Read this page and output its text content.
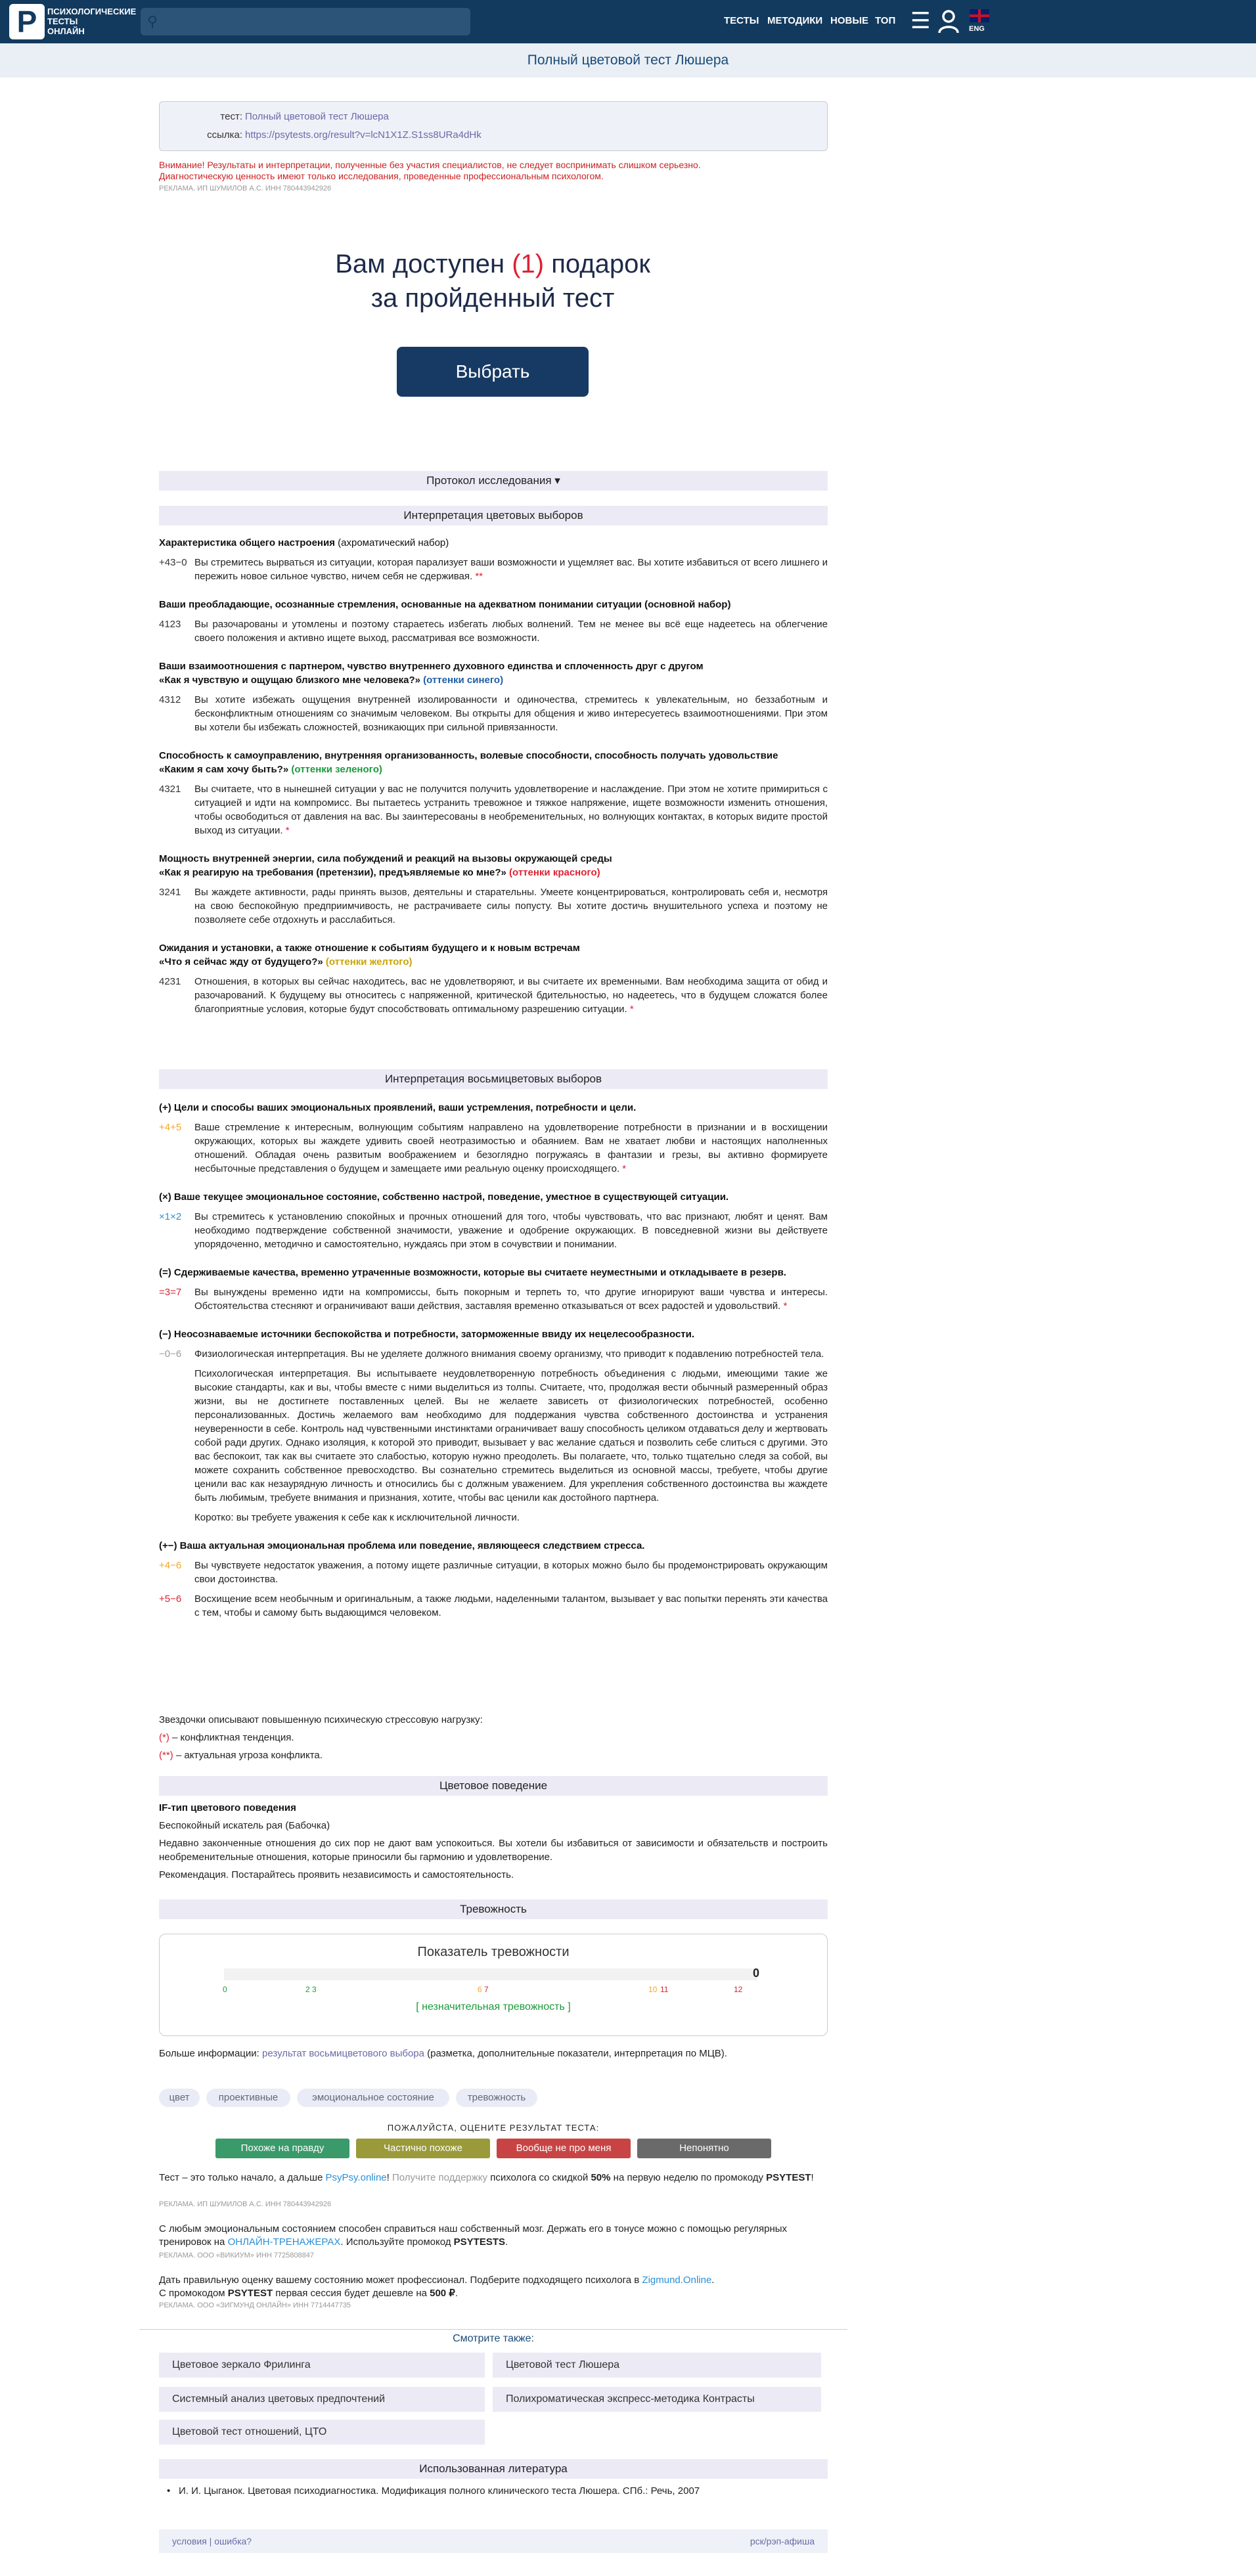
P	ПСИХОЛОГИЧЕСКИЕ
ТЕСТЫ
ОНЛАЙН
⚲	ТЕСТЫ МЕТОДИКИ НОВЫЕ ТОП ☰	ENG
Полный цветовой тест Люшера
тест: Полный цветовой тест Люшера
ссылка: https://psytests.org/result?v=lcN1X1Z.S1ss8URa4dHk
Внимание! Результаты и интерпретации, полученные без участия специалистов, не следует воспринимать слишком серьезно.
Диагностическую ценность имеют только исследования, проведенные профессиональным психологом.
РЕКЛАМА. ИП ШУМИЛОВ А.С. ИНН 780443942926
Вам доступен (1) подарок
за пройденный тест
Выбрать
Протокол исследования ▾
Интерпретация цветовых выборов
Характеристика общего настроения (ахроматический набор)
+43−0 Вы стремитесь вырваться из ситуации, которая парализует ваши возможности и ущемляет вас. Вы хотите избавиться от всего лишнего и пережить новое сильное чувство, ничем себя не сдерживая. **
Ваши преобладающие, осознанные стремления, основанные на адекватном понимании ситуации (основной набор)
4123 Вы разочарованы и утомлены и поэтому стараетесь избегать любых волнений. Тем не менее вы всё еще надеетесь на облегчение своего положения и активно ищете выход, рассматривая все возможности.
Ваши взаимоотношения с партнером, чувство внутреннего духовного единства и сплоченность друг с другом
«Как я чувствую и ощущаю близкого мне человека?» (оттенки синего)
4312 Вы хотите избежать ощущения внутренней изолированности и одиночества, стремитесь к увлекательным, но беззаботным и бесконфликтным отношениям со значимым человеком. Вы открыты для общения и живо интересуетесь взаимоотношениями. При этом вы хотели бы избежать сложностей, возникающих при сильной привязанности.
Способность к самоуправлению, внутренняя организованность, волевые способности, способность получать удовольствие
«Каким я сам хочу быть?» (оттенки зеленого)
4321 Вы считаете, что в нынешней ситуации у вас не получится получить удовлетворение и наслаждение. При этом не хотите примириться с ситуацией и идти на компромисс. Вы пытаетесь устранить тревожное и тяжкое напряжение, ищете возможности изменить отношения, чтобы освободиться от давления на вас. Вы заинтересованы в необременительных, но волнующих контактах, в которых видите простой выход из ситуации. *
Мощность внутренней энергии, сила побуждений и реакций на вызовы окружающей среды
«Как я реагирую на требования (претензии), предъявляемые ко мне?» (оттенки красного)
3241 Вы жаждете активности, рады принять вызов, деятельны и старательны. Умеете концентрироваться, контролировать себя и, несмотря на свою беспокойную предприимчивость, не растрачиваете силы попусту. Вы хотите достичь внушительного успеха и поэтому не позволяете себе отдохнуть и расслабиться.
Ожидания и установки, а также отношение к событиям будущего и к новым встречам
«Что я сейчас жду от будущего?» (оттенки желтого)
4231 Отношения, в которых вы сейчас находитесь, вас не удовлетворяют, и вы считаете их временными. Вам необходима защита от обид и разочарований. К будущему вы относитесь с напряженной, критической бдительностью, но надеетесь, что в будущем сложатся более благоприятные условия, которые будут способствовать оптимальному разрешению ситуации. *
Интерпретация восьмицветовых выборов
(+) Цели и способы ваших эмоциональных проявлений, ваши устремления, потребности и цели.
+4+5 Ваше стремление к интересным, волнующим событиям направлено на удовлетворение потребности в признании и в восхищении окружающих, которых вы жаждете удивить своей неотразимостью и обаянием. Вам не хватает любви и настоящих наполненных отношений. Обладая очень развитым воображением и безоглядно погружаясь в фантазии и грезы, вы активно формируете несбыточные представления о будущем и замещаете ими реальную оценку происходящего. *
(×) Ваше текущее эмоциональное состояние, собственно настрой, поведение, уместное в существующей ситуации.
×1×2 Вы стремитесь к установлению спокойных и прочных отношений для того, чтобы чувствовать, что вас признают, любят и ценят. Вам необходимо подтверждение собственной значимости, уважение и одобрение окружающих. В повседневной жизни вы действуете упорядоченно, методично и самостоятельно, нуждаясь при этом в сочувствии и понимании.
(=) Сдерживаемые качества, временно утраченные возможности, которые вы считаете неуместными и откладываете в резерв.
=3=7 Вы вынуждены временно идти на компромиссы, быть покорным и терпеть то, что другие игнорируют ваши чувства и интересы. Обстоятельства стесняют и ограничивают ваши действия, заставляя временно отказываться от всех радостей и удовольствий. *
(−) Неосознаваемые источники беспокойства и потребности, заторможенные ввиду их нецелесообразности.
−0−6 Физиологическая интерпретация. Вы не уделяете должного внимания своему организму, что приводит к подавлению потребностей тела.
Психологическая интерпретация. Вы испытываете неудовлетворенную потребность объединения с людьми, имеющими такие же высокие стандарты, как и вы, чтобы вместе с ними выделиться из толпы. Считаете, что, продолжая вести обычный размеренный образ жизни, вы не достигнете поставленных целей. Вы не желаете зависеть от физиологических потребностей, особенно персонализованных. Достичь желаемого вам необходимо для поддержания чувства собственного достоинства и устранения неуверенности в себе. Контроль над чувственными инстинктами ограничивает вашу способность целиком отдаваться делу и жертвовать собой ради других. Однако изоляция, к которой это приводит, вызывает у вас желание сдаться и позволить себе слиться с другими. Это вас беспокоит, так как вы считаете это слабостью, которую нужно преодолеть. Вы полагаете, что, только тщательно следя за собой, вы можете сохранить собственное превосходство. Вы сознательно стремитесь выделиться из основной массы, требуете, чтобы другие ценили вас как незаурядную личность и относились бы с должным уважением. Для укрепления собственного достоинства вы жаждете быть любимым, требуете внимания и признания, хотите, чтобы вас ценили как достойного партнера.
Коротко: вы требуете уважения к себе как к исключительной личности.
(+−) Ваша актуальная эмоциональная проблема или поведение, являющееся следствием стресса.
+4−6 Вы чувствуете недостаток уважения, а потому ищете различные ситуации, в которых можно было бы продемонстрировать окружающим свои достоинства.
+5−6 Восхищение всем необычным и оригинальным, а также людьми, наделенными талантом, вызывает у вас попытки перенять эти качества с тем, чтобы и самому быть выдающимся человеком.
Звездочки описывают повышенную психическую стрессовую нагрузку:
(*) – конфликтная тенденция.
(**) – актуальная угроза конфликта.
Цветовое поведение
IF-тип цветового поведения
Беспокойный искатель рая (Бабочка)
Недавно законченные отношения до сих пор не дают вам успокоиться. Вы хотели бы избавиться от зависимости и обязательств и построить необременительные отношения, которые приносили бы гармонию и удовлетворение.
Рекомендация. Постарайтесь проявить независимость и самостоятельность.
Тревожность
Показатель тревожности
0
0	2 3	6 7	10 11	12
[ незначительная тревожность ]
Больше информации: результат восьмицветового выбора (разметка, дополнительные показатели, интерпретация по МЦВ).
цвет	проективные	эмоциональное состояние	тревожность
ПОЖАЛУЙСТА, ОЦЕНИТЕ РЕЗУЛЬТАТ ТЕСТА:
Похоже на правду	Частично похоже	Вообще не про меня	Непонятно
Тест – это только начало, а дальше PsyPsy.online! Получите поддержку психолога со скидкой 50% на первую неделю по промокоду PSYTEST!
РЕКЛАМА. ИП ШУМИЛОВ А.С. ИНН 780443942926
С любым эмоциональным состоянием способен справиться наш собственный мозг. Держать его в тонусе можно с помощью регулярных тренировок на ОНЛАЙН-ТРЕНАЖЕРАХ. Используйте промокод PSYTESTS.
РЕКЛАМА. ООО «ВИКИУМ» ИНН 7725808847
Дать правильную оценку вашему состоянию может профессионал. Подберите подходящего психолога в Zigmund.Online.
С промокодом PSYTEST первая сессия будет дешевле на 500 ₽.
РЕКЛАМА. ООО «ЗИГМУНД ОНЛАЙН» ИНН 7714447735
Смотрите также:
Цветовое зеркало Фрилинга	Цветовой тест Люшера
Системный анализ цветовых предпочтений	Полихроматическая экспресс-методика Контрасты
Цветовой тест отношений, ЦТО
Использованная литература
• И. И. Цыганок. Цветовая психодиагностика. Модификация полного клинического теста Люшера. СПб.: Речь, 2007
условия | ошибка?	рск/рэп-афиша
